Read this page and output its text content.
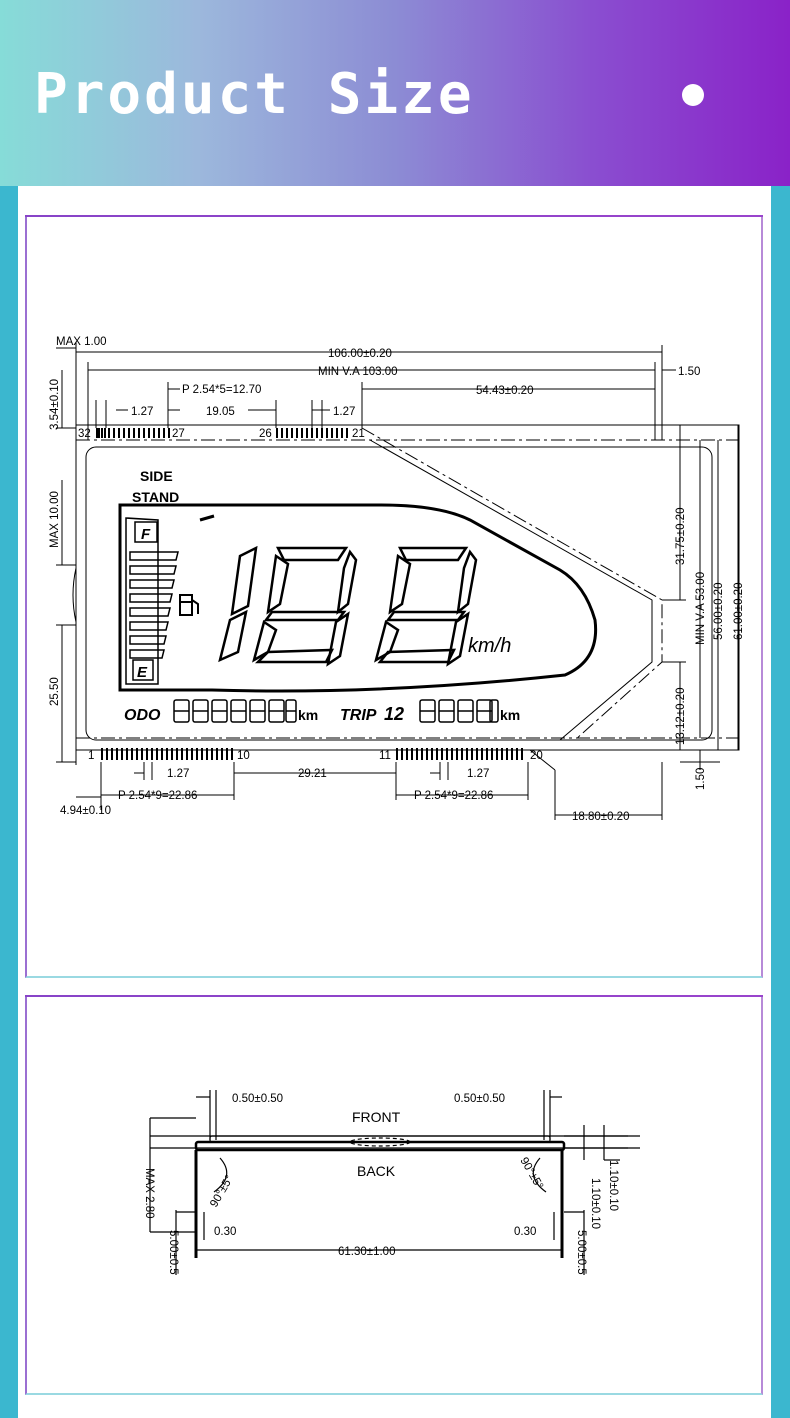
Product Size
MAX 1.00
106.00±0.20
MIN V.A 103.00	1.50
P 2.54*5=12.70	54.43±0.20
1.27	19.05	1.27
32	27	26	21
1	10	11	20
3.54±0.10
MAX 10.00
25.50
31.75±0.20
MIN V.A 53.00 56.00±0.20 61.00±0.20
13.12±0.20
1.50
1.27	29.21	1.27
P 2.54*9=22.86	P 2.54*9=22.86
4.94±0.10	18.80±0.20
SIDE
STAND
F
E
km/h
ODO	km TRIP 12	km
0.50±0.50	0.50±0.50
FRONT
BACK
90°±5°	90°±5°
0.30	0.30
61.30±1.00
MAX 2.80
5.00±0.5	5.00±0.5
1.10±0.10
1.10±0.10
